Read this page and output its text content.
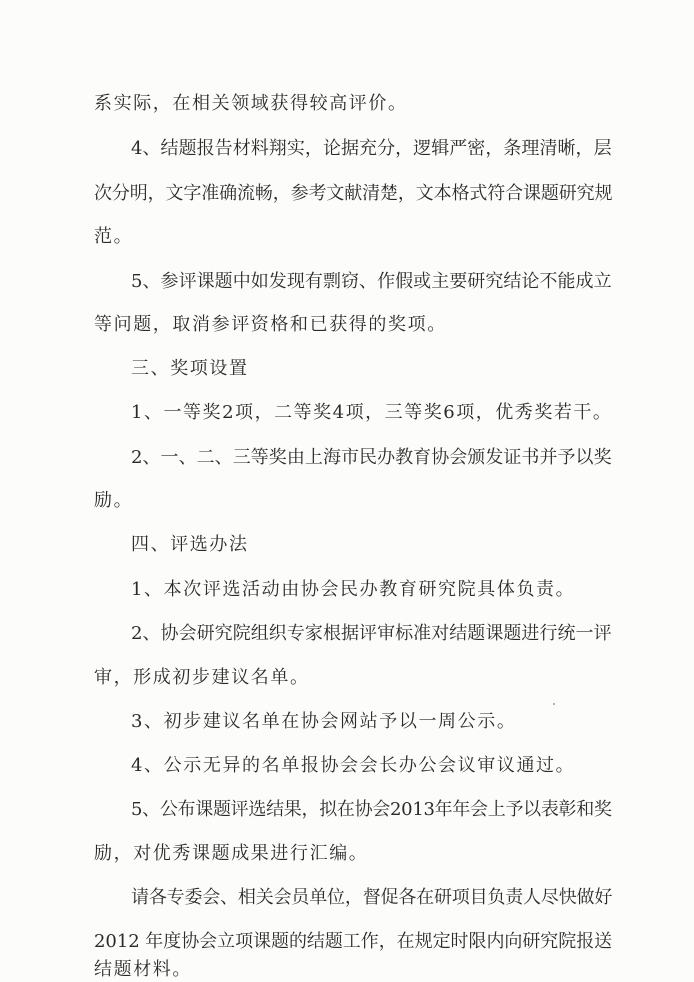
系实际，在相关领域获得较高评价。
4、结题报告材料翔实，论据充分，逻辑严密，条理清晰，层
次分明，文字准确流畅，参考文献清楚，文本格式符合课题研究规
范。
5、参评课题中如发现有剽窃、作假或主要研究结论不能成立
等问题，取消参评资格和已获得的奖项。
三、奖项设置
1、一等奖2项，二等奖4项，三等奖6项，优秀奖若干。
2、一、二、三等奖由上海市民办教育协会颁发证书并予以奖
励。
四、评选办法
1、本次评选活动由协会民办教育研究院具体负责。
2、协会研究院组织专家根据评审标准对结题课题进行统一评
审，形成初步建议名单。
3、初步建议名单在协会网站予以一周公示。
4、公示无异的名单报协会会长办公会议审议通过。
5、公布课题评选结果，拟在协会2013年年会上予以表彰和奖
励，对优秀课题成果进行汇编。
请各专委会、相关会员单位，督促各在研项目负责人尽快做好
2012 年度协会立项课题的结题工作，在规定时限内向研究院报送
结题材料。
